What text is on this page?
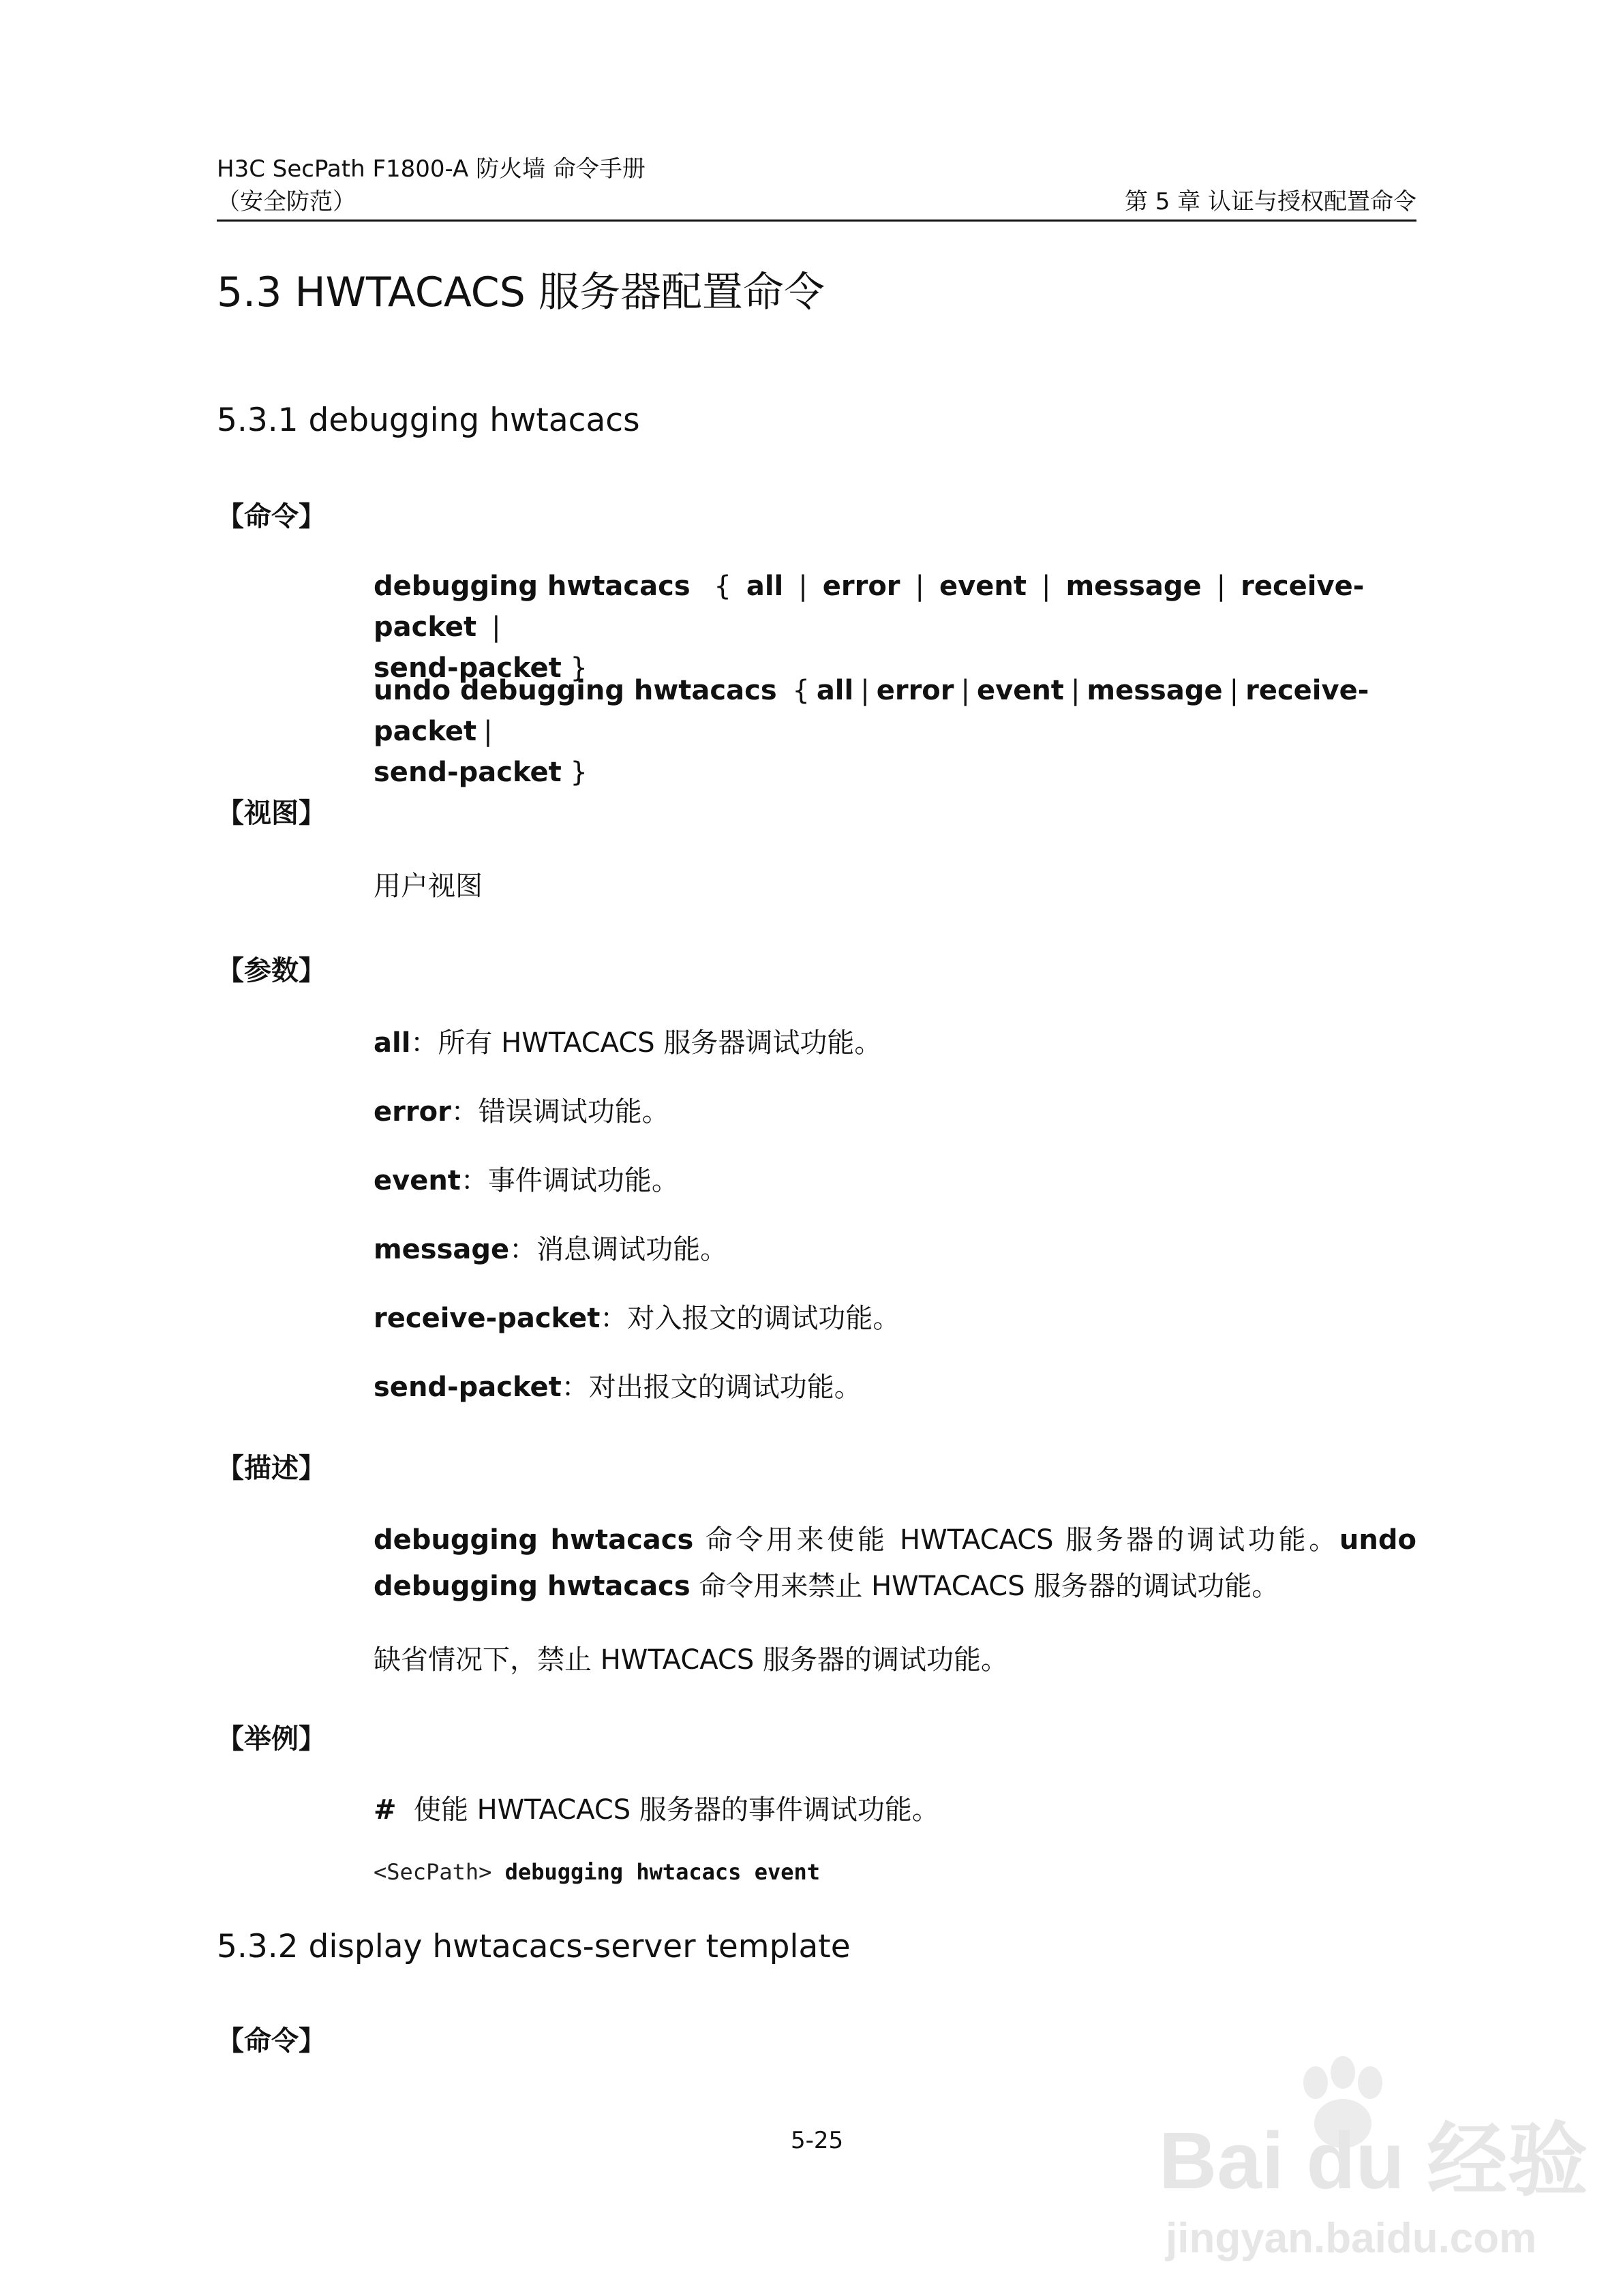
H3C SecPath F1800-A 防火墙 命令手册
（安全防范）	第 5 章 认证与授权配置命令
5.3 HWTACACS 服务器配置命令
5.3.1 debugging hwtacacs
【命令】
debugging hwtacacs { all | error | event | message | receive-packet |
send-packet }
undo debugging hwtacacs { all | error | event | message | receive-packet |
send-packet }
【视图】
用户视图
【参数】
all：所有 HWTACACS 服务器调试功能。
error：错误调试功能。
event：事件调试功能。
message：消息调试功能。
receive-packet：对入报文的调试功能。
send-packet：对出报文的调试功能。
【描述】
debugging hwtacacs 命令用来使能 HWTACACS 服务器的调试功能。undo debugging hwtacacs 命令用来禁止 HWTACACS 服务器的调试功能。
缺省情况下，禁止 HWTACACS 服务器的调试功能。
【举例】
# 使能 HWTACACS 服务器的事件调试功能。
<SecPath> debugging hwtacacs event
5.3.2 display hwtacacs-server template
【命令】
5-25	Bai du 经验
jingyan.baidu.com
